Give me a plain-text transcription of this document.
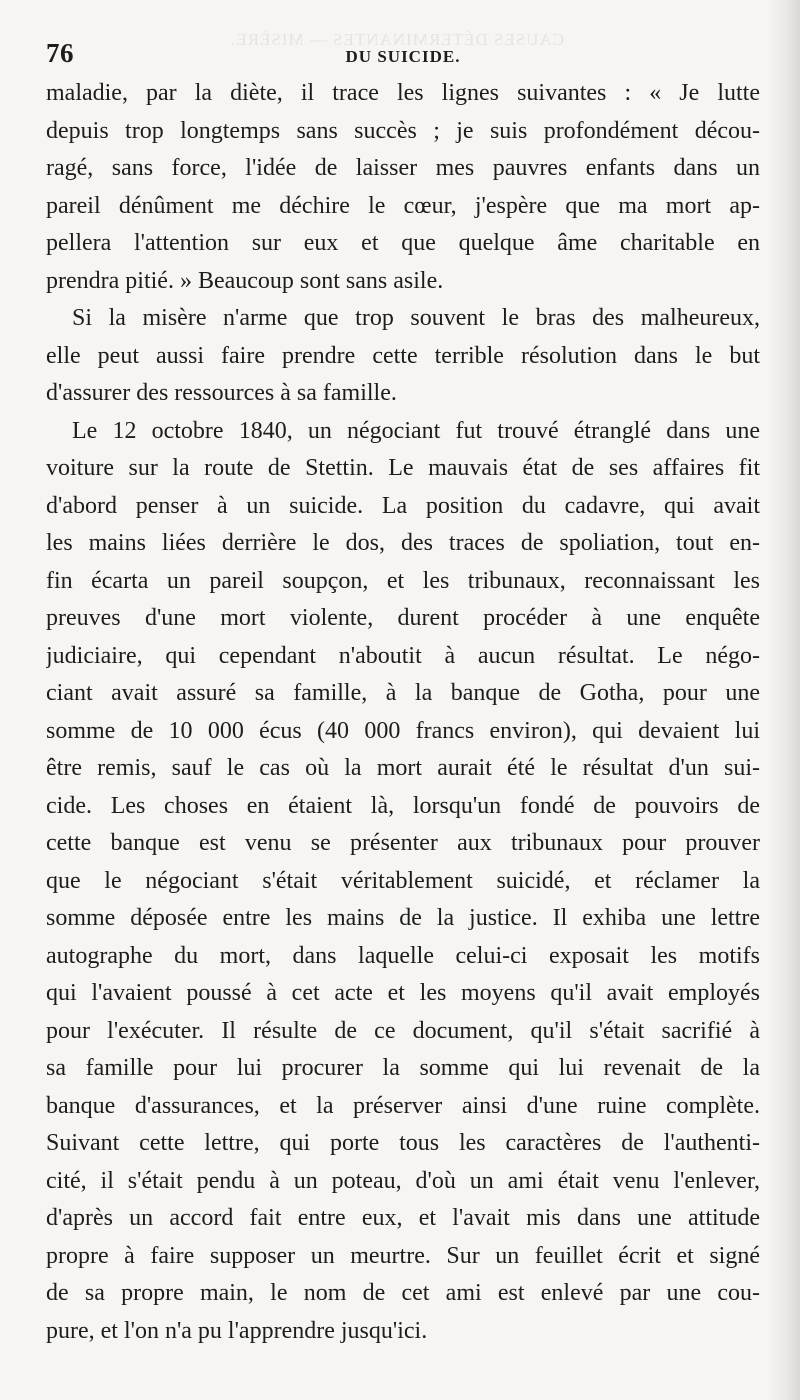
CAUSES DÉTERMINANTES — MISÈRE.
76	DU SUICIDE.
maladie, par la diète, il trace les lignes suivantes : « Je lutte
depuis trop longtemps sans succès ; je suis profondément décou-
ragé, sans force, l'idée de laisser mes pauvres enfants dans un
pareil dénûment me déchire le cœur, j'espère que ma mort ap-
pellera l'attention sur eux et que quelque âme charitable en
prendra pitié. » Beaucoup sont sans asile.
Si la misère n'arme que trop souvent le bras des malheureux,
elle peut aussi faire prendre cette terrible résolution dans le but
d'assurer des ressources à sa famille.
Le 12 octobre 1840, un négociant fut trouvé étranglé dans une
voiture sur la route de Stettin. Le mauvais état de ses affaires fit
d'abord penser à un suicide. La position du cadavre, qui avait
les mains liées derrière le dos, des traces de spoliation, tout en-
fin écarta un pareil soupçon, et les tribunaux, reconnaissant les
preuves d'une mort violente, durent procéder à une enquête
judiciaire, qui cependant n'aboutit à aucun résultat. Le négo-
ciant avait assuré sa famille, à la banque de Gotha, pour une
somme de 10 000 écus (40 000 francs environ), qui devaient lui
être remis, sauf le cas où la mort aurait été le résultat d'un sui-
cide. Les choses en étaient là, lorsqu'un fondé de pouvoirs de
cette banque est venu se présenter aux tribunaux pour prouver
que le négociant s'était véritablement suicidé, et réclamer la
somme déposée entre les mains de la justice. Il exhiba une lettre
autographe du mort, dans laquelle celui-ci exposait les motifs
qui l'avaient poussé à cet acte et les moyens qu'il avait employés
pour l'exécuter. Il résulte de ce document, qu'il s'était sacrifié à
sa famille pour lui procurer la somme qui lui revenait de la
banque d'assurances, et la préserver ainsi d'une ruine complète.
Suivant cette lettre, qui porte tous les caractères de l'authenti-
cité, il s'était pendu à un poteau, d'où un ami était venu l'enlever,
d'après un accord fait entre eux, et l'avait mis dans une attitude
propre à faire supposer un meurtre. Sur un feuillet écrit et signé
de sa propre main, le nom de cet ami est enlevé par une cou-
pure, et l'on n'a pu l'apprendre jusqu'ici.
